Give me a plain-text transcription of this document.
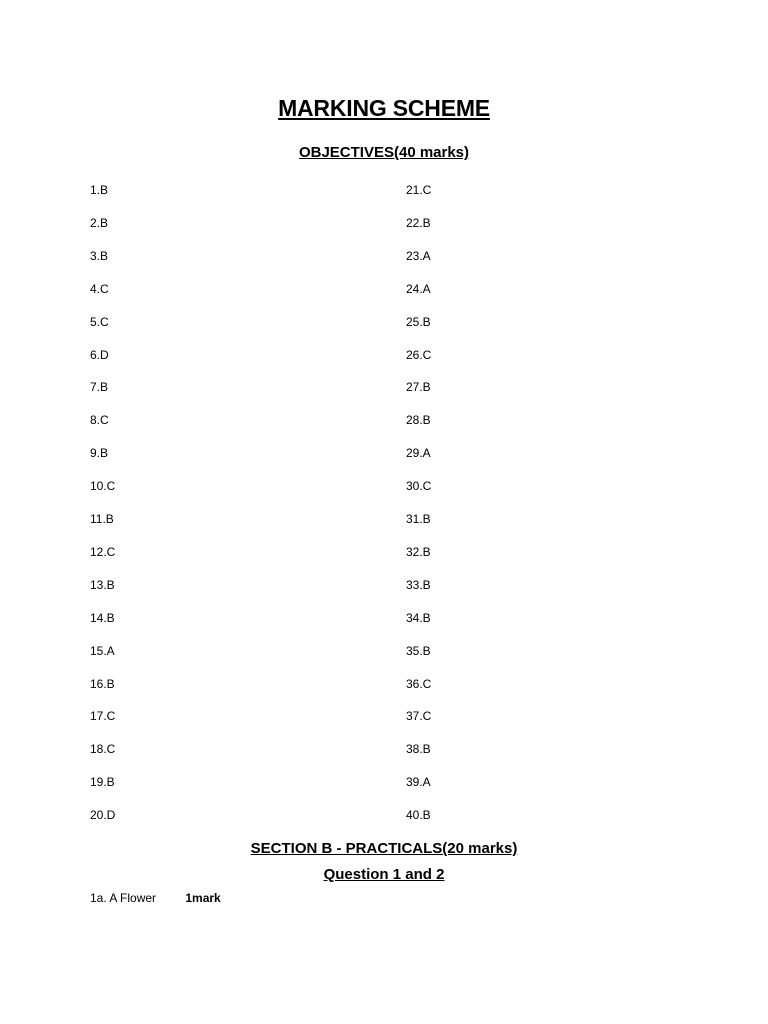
MARKING SCHEME
OBJECTIVES(40 marks)
1.B
2.B
3.B
4.C
5.C
6.D
7.B
8.C
9.B
10.C
11.B
12.C
13.B
14.B
15.A
16.B
17.C
18.C
19.B
20.D
21.C
22.B
23.A
24.A
25.B
26.C
27.B
28.B
29.A
30.C
31.B
32.B
33.B
34.B
35.B
36.C
37.C
38.B
39.A
40.B
SECTION B - PRACTICALS(20 marks)
Question 1 and 2
1a. A Flower 1mark
